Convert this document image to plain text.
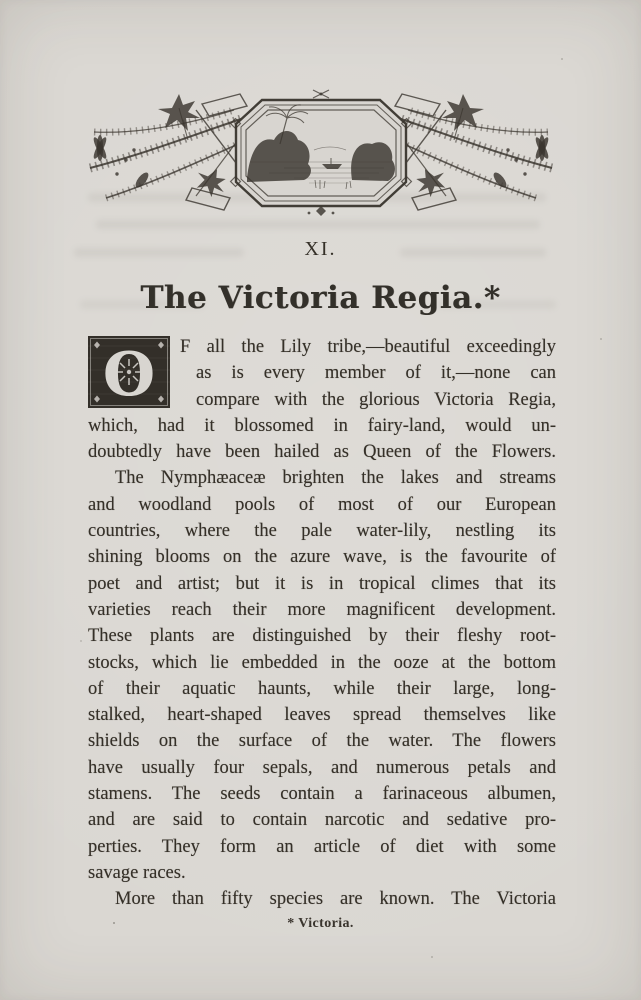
XI.
The Victoria Regia.*
O	F all the Lily tribe,—beautiful exceedingly
as is every member of it,—none can
compare with the glorious Victoria Regia,
which, had it blossomed in fairy-land, would un-
doubtedly have been hailed as Queen of the Flowers.
The Nymphæaceæ brighten the lakes and streams
and woodland pools of most of our European
countries, where the pale water-lily, nestling its
shining blooms on the azure wave, is the favourite of
poet and artist; but it is in tropical climes that its
varieties reach their more magnificent development.
These plants are distinguished by their fleshy root-
stocks, which lie embedded in the ooze at the bottom
of their aquatic haunts, while their large, long-
stalked, heart-shaped leaves spread themselves like
shields on the surface of the water. The flowers
have usually four sepals, and numerous petals and
stamens. The seeds contain a farinaceous albumen,
and are said to contain narcotic and sedative pro-
perties. They form an article of diet with some
savage races.
More than fifty species are known. The Victoria
* Victoria.
